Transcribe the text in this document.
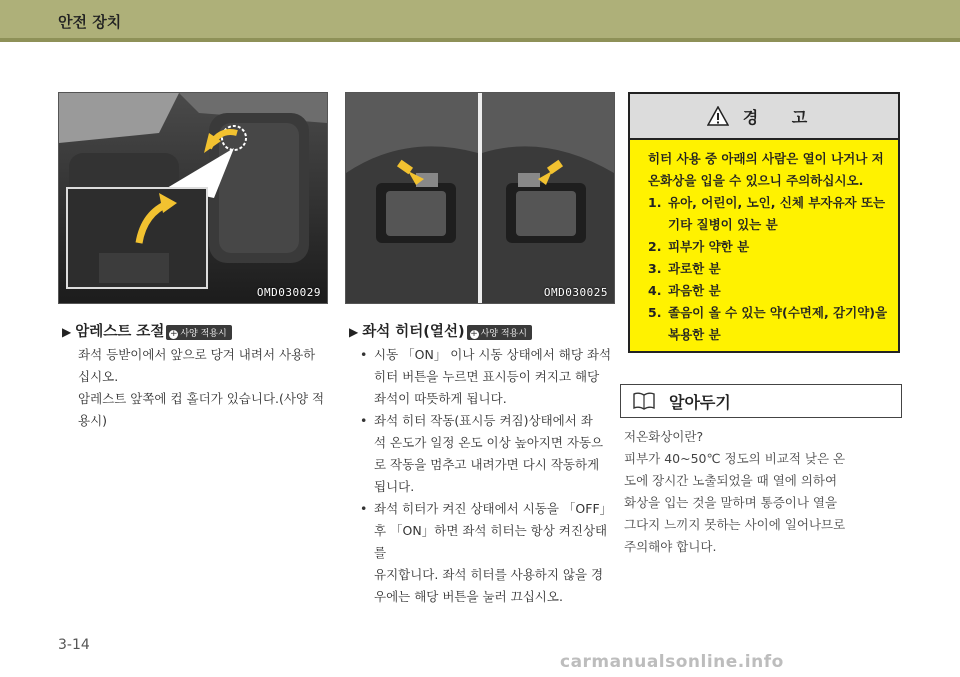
안전 장치
OMD030029	OMD030025
▶ 암레스트 조절 + 사양 적용시
좌석 등받이에서 앞으로 당겨 내려서 사용하
십시오.
암레스트 앞쪽에 컵 홀더가 있습니다.(사양 적
용시)
▶ 좌석 히터(열선) + 사양 적용시
• 시동 「ON」 이나 시동 상태에서 해당 좌석
히터 버튼을 누르면 표시등이 켜지고 해당
좌석이 따뜻하게 됩니다.
• 좌석 히터 작동(표시등 켜짐)상태에서 좌
석 온도가 일정 온도 이상 높아지면 자동으
로 작동을 멈추고 내려가면 다시 작동하게
됩니다.
• 좌석 히터가 켜진 상태에서 시동을 「OFF」
후 「ON」하면 좌석 히터는 항상 켜진상태를
유지합니다. 좌석 히터를 사용하지 않을 경
우에는 해당 버튼을 눌러 끄십시오.
경 고
히터 사용 중 아래의 사람은 열이 나거나 저
온화상을 입을 수 있으니 주의하십시오.
1. 유아, 어린이, 노인, 신체 부자유자 또는
기타 질병이 있는 분
2. 피부가 약한 분
3. 과로한 분
4. 과음한 분
5. 졸음이 올 수 있는 약(수면제, 감기약)을
복용한 분
알아두기
저온화상이란?
피부가 40~50℃ 정도의 비교적 낮은 온
도에 장시간 노출되었을 때 열에 의하여
화상을 입는 것을 말하며 통증이나 열을
그다지 느끼지 못하는 사이에 일어나므로
주의해야 합니다.
3-14
carmanualsonline.info
